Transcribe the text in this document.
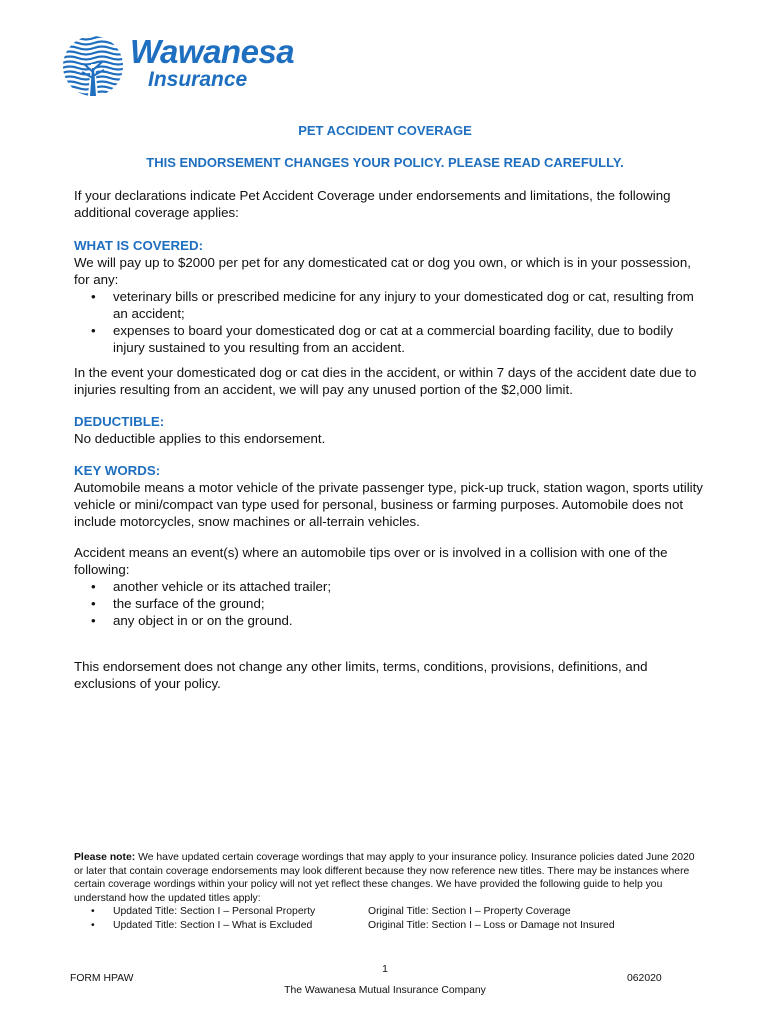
Wawanesa
Insurance
PET ACCIDENT COVERAGE
THIS ENDORSEMENT CHANGES YOUR POLICY. PLEASE READ CAREFULLY.

If your declarations indicate Pet Accident Coverage under endorsements and limitations, the following additional coverage applies:

WHAT IS COVERED:

We will pay up to $2000 per pet for any domesticated cat or dog you own, or which is in your possession, for any:

• veterinary bills or prescribed medicine for any injury to your domesticated dog or cat, resulting from an accident;
• expenses to board your domesticated dog or cat at a commercial boarding facility, due to bodily injury sustained to you resulting from an accident.

In the event your domesticated dog or cat dies in the accident, or within 7 days of the accident date due to injuries resulting from an accident, we will pay any unused portion of the $2,000 limit.

DEDUCTIBLE:

No deductible applies to this endorsement.

KEY WORDS:

Automobile means a motor vehicle of the private passenger type, pick-up truck, station wagon, sports utility vehicle or mini/compact van type used for personal, business or farming purposes. Automobile does not include motorcycles, snow machines or all-terrain vehicles.

Accident means an event(s) where an automobile tips over or is involved in a collision with one of the following:

• another vehicle or its attached trailer;
• the surface of the ground;
• any object in or on the ground.

This endorsement does not change any other limits, terms, conditions, provisions, definitions, and exclusions of your policy.

Please note: We have updated certain coverage wordings that may apply to your insurance policy. Insurance policies dated June 2020 or later that contain coverage endorsements may look different because they now reference new titles. There may be instances where certain coverage wordings within your policy will not yet reflect these changes. We have provided the following guide to help you understand how the updated titles apply:

• Updated Title: Section I – Personal Property	Original Title: Section I – Property Coverage
• Updated Title: Section I – What is Excluded	Original Title: Section I – Loss or Damage not Insured
FORM HPAW
1
The Wawanesa Mutual Insurance Company
062020
